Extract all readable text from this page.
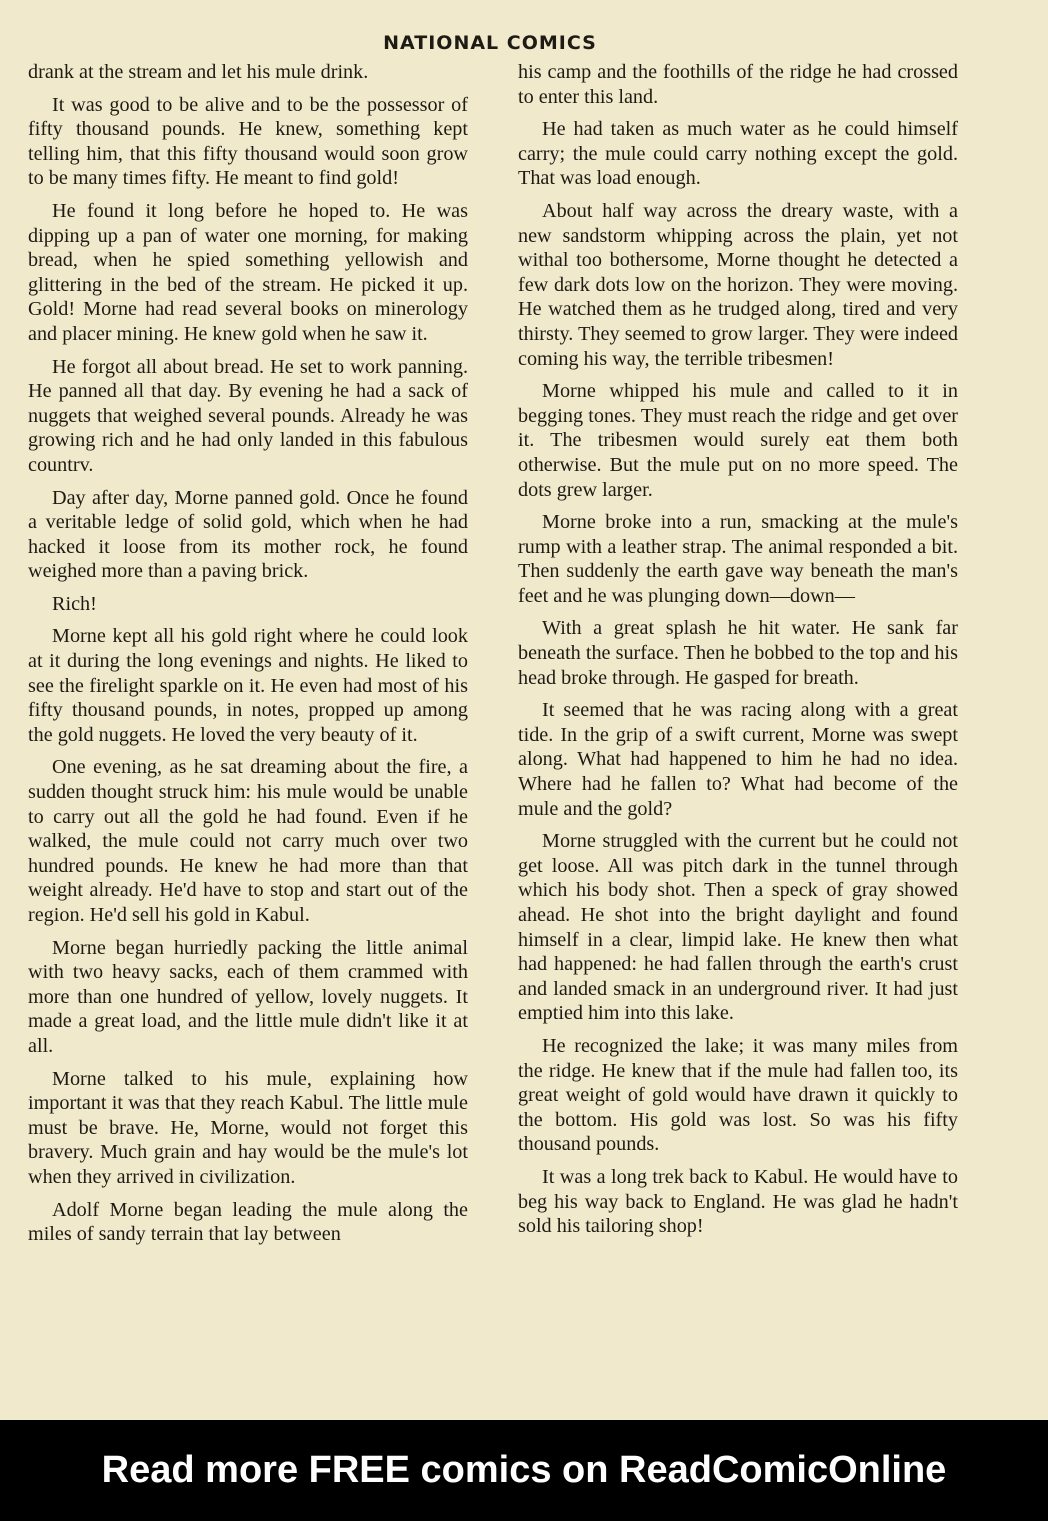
NATIONAL COMICS

drank at the stream and let his mule drink.

It was good to be alive and to be the possessor of fifty thousand pounds. He knew, something kept telling him, that this fifty thousand would soon grow to be many times fifty. He meant to find gold!

He found it long before he hoped to. He was dipping up a pan of water one morning, for making bread, when he spied something yellowish and glittering in the bed of the stream. He picked it up. Gold! Morne had read several books on minerology and placer mining. He knew gold when he saw it.

He forgot all about bread. He set to work panning. He panned all that day. By evening he had a sack of nuggets that weighed several pounds. Already he was growing rich and he had only landed in this fabulous countrv.

Day after day, Morne panned gold. Once he found a veritable ledge of solid gold, which when he had hacked it loose from its mother rock, he found weighed more than a paving brick.

Rich!

Morne kept all his gold right where he could look at it during the long evenings and nights. He liked to see the firelight sparkle on it. He even had most of his fifty thousand pounds, in notes, propped up among the gold nuggets. He loved the very beauty of it.

One evening, as he sat dreaming about the fire, a sudden thought struck him: his mule would be unable to carry out all the gold he had found. Even if he walked, the mule could not carry much over two hundred pounds. He knew he had more than that weight already. He'd have to stop and start out of the region. He'd sell his gold in Kabul.

Morne began hurriedly packing the little animal with two heavy sacks, each of them crammed with more than one hundred of yellow, lovely nuggets. It made a great load, and the little mule didn't like it at all.

Morne talked to his mule, explaining how important it was that they reach Kabul. The little mule must be brave. He, Morne, would not forget this bravery. Much grain and hay would be the mule's lot when they arrived in civilization.

Adolf Morne began leading the mule along the miles of sandy terrain that lay between

his camp and the foothills of the ridge he had crossed to enter this land.

He had taken as much water as he could himself carry; the mule could carry nothing except the gold. That was load enough.

About half way across the dreary waste, with a new sandstorm whipping across the plain, yet not withal too bothersome, Morne thought he detected a few dark dots low on the horizon. They were moving. He watched them as he trudged along, tired and very thirsty. They seemed to grow larger. They were indeed coming his way, the terrible tribesmen!

Morne whipped his mule and called to it in begging tones. They must reach the ridge and get over it. The tribesmen would surely eat them both otherwise. But the mule put on no more speed. The dots grew larger.

Morne broke into a run, smacking at the mule's rump with a leather strap. The animal responded a bit. Then suddenly the earth gave way beneath the man's feet and he was plunging down—down—

With a great splash he hit water. He sank far beneath the surface. Then he bobbed to the top and his head broke through. He gasped for breath.

It seemed that he was racing along with a great tide. In the grip of a swift current, Morne was swept along. What had happened to him he had no idea. Where had he fallen to? What had become of the mule and the gold?

Morne struggled with the current but he could not get loose. All was pitch dark in the tunnel through which his body shot. Then a speck of gray showed ahead. He shot into the bright daylight and found himself in a clear, limpid lake. He knew then what had happened: he had fallen through the earth's crust and landed smack in an underground river. It had just emptied him into this lake.

He recognized the lake; it was many miles from the ridge. He knew that if the mule had fallen too, its great weight of gold would have drawn it quickly to the bottom. His gold was lost. So was his fifty thousand pounds.

It was a long trek back to Kabul. He would have to beg his way back to England. He was glad he hadn't sold his tailoring shop!

Read more FREE comics on ReadComicOnline
